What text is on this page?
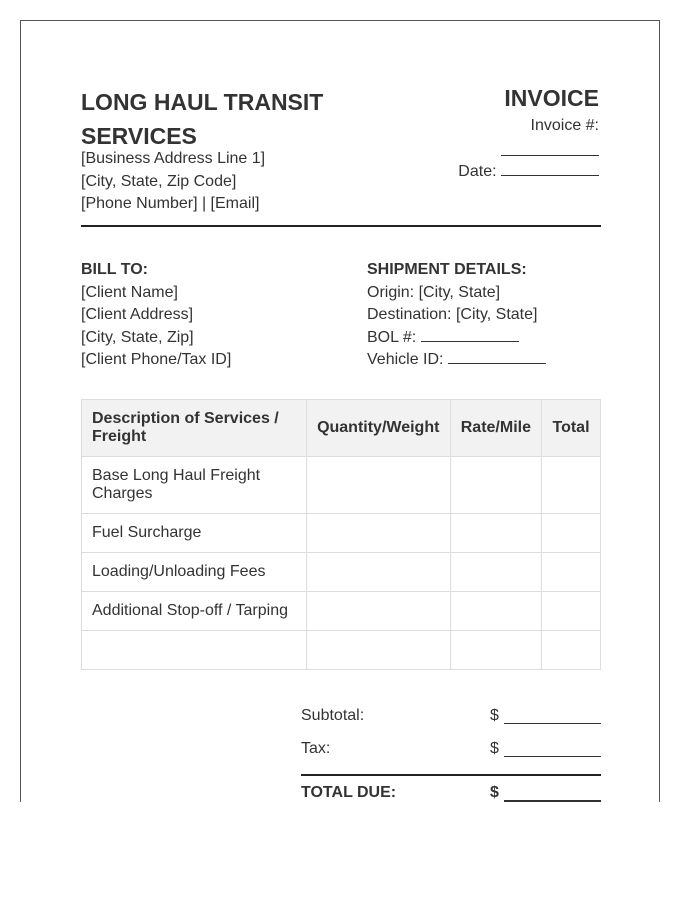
LONG HAUL TRANSIT SERVICES
[Business Address Line 1]
[City, State, Zip Code]
[Phone Number] | [Email]
INVOICE
Invoice #:
Date:
BILL TO:
[Client Name]
[Client Address]
[City, State, Zip]
[Client Phone/Tax ID]
SHIPMENT DETAILS:
Origin: [City, State]
Destination: [City, State]
BOL #:
Vehicle ID:
Description of Services / Freight	Quantity/Weight	Rate/Mile	Total
Base Long Haul Freight Charges			
Fuel Surcharge			
Loading/Unloading Fees			
Additional Stop-off / Tarping			

Subtotal:	$
Tax:	$
TOTAL DUE:	$
